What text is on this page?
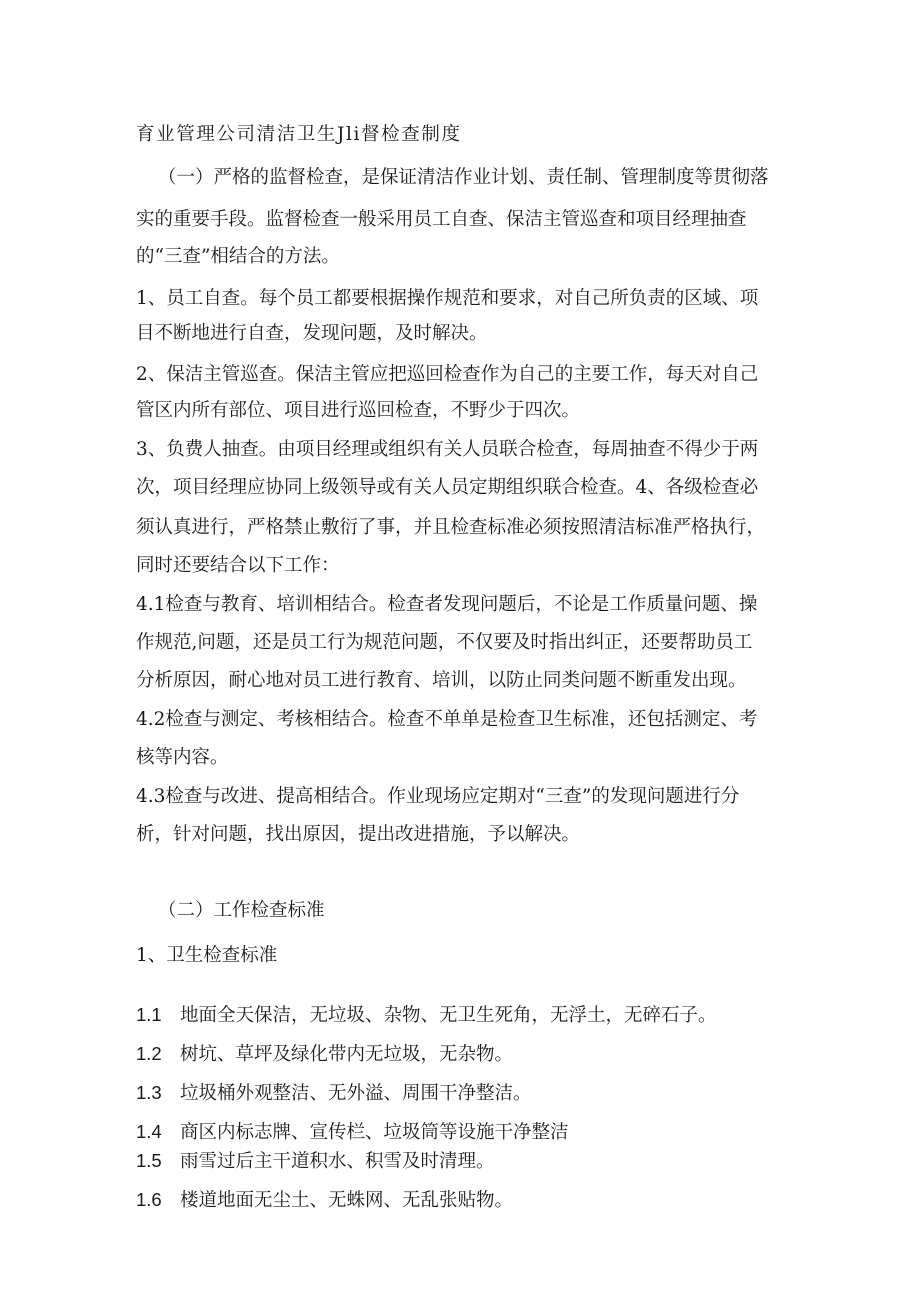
育业管理公司清洁卫生Jli督检查制度
（一）严格的监督检查，是保证清洁作业计划、责任制、管理制度等贯彻落
实的重要手段。监督检查一般采用员工自查、保洁主管巡查和项目经理抽查
的“三查”相结合的方法。
1、员工自查。每个员工都要根据操作规范和要求，对自己所负责的区域、项
目不断地进行自查，发现问题，及时解决。
2、保洁主管巡查。保洁主管应把巡回检查作为自己的主要工作，每天对自己
管区内所有部位、项目进行巡回检查，不野少于四次。
3、负费人抽查。由项目经理或组织有关人员联合检查，每周抽查不得少于两
次，项目经理应协同上级领导或有关人员定期组织联合检查。4、各级检查必
须认真进行，严格禁止敷衍了事，并且检查标准必须按照清洁标准严格执行，
同时还要结合以下工作：
4.1检查与教育、培训相结合。检查者发现问题后，不论是工作质量问题、操
作规范,问题，还是员工行为规范问题，不仅要及时指出纠正，还要帮助员工
分析原因，耐心地对员工进行教育、培训，以防止同类问题不断重发出现。
4.2检查与测定、考核相结合。检查不单单是检查卫生标准，还包括测定、考
核等内容。
4.3检查与改进、提高相结合。作业现场应定期对“三查”的发现问题进行分
析，针对问题，找出原因，提出改进措施，予以解决。
（二）工作检查标准
1、卫生检查标准
1.1 地面全天保洁，无垃圾、杂物、无卫生死角，无浮土，无碎石子。
1.2 树坑、草坪及绿化带内无垃圾，无杂物。
1.3 垃圾桶外观整洁、无外溢、周围干净整洁。
1.4 商区内标志牌、宣传栏、垃圾筒等设施干净整洁
1.5 雨雪过后主干道积水、积雪及时清理。
1.6 楼道地面无尘土、无蛛网、无乱张贴物。
